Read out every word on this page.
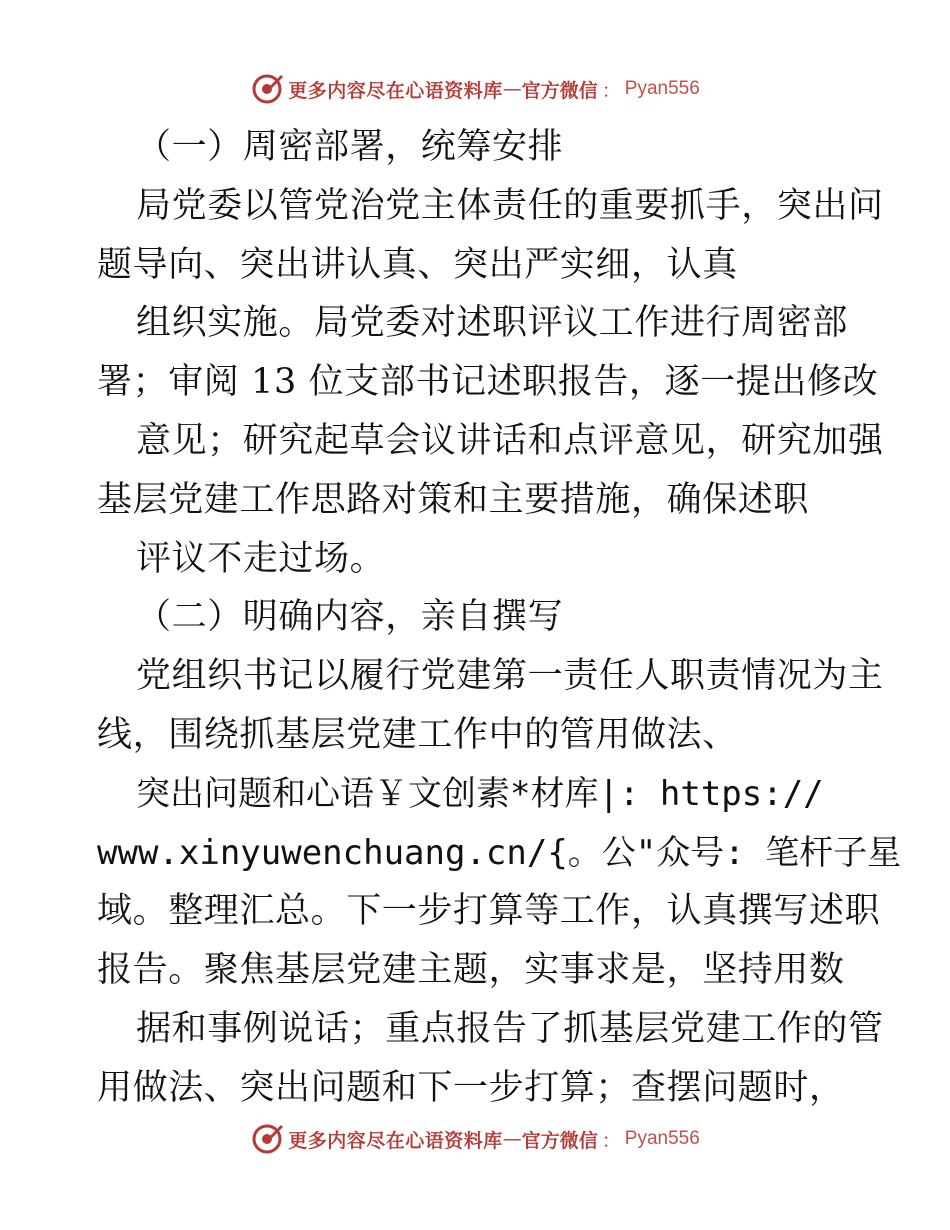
更多内容尽在心语资料库 — 官方微信 ： Pyan556
（一）周密部署，统筹安排
局党委以管党治党主体责任的重要抓手，突出问
题导向、突出讲认真、突出严实细，认真
组织实施。局党委对述职评议工作进行周密部
署；审阅 13 位支部书记述职报告，逐一提出修改
意见；研究起草会议讲话和点评意见，研究加强
基层党建工作思路对策和主要措施，确保述职
评议不走过场。
（二）明确内容，亲自撰写
党组织书记以履行党建第一责任人职责情况为主
线，围绕抓基层党建工作中的管用做法、
突出问题和心语￥文创素*材库|: https://
www.xinyuwenchuang.cn/{。公"众号: 笔杆子星
域。整理汇总。下一步打算等工作，认真撰写述职
报告。聚焦基层党建主题，实事求是，坚持用数
据和事例说话；重点报告了抓基层党建工作的管
用做法、突出问题和下一步打算；查摆问题时，
更多内容尽在心语资料库 — 官方微信 ： Pyan556
